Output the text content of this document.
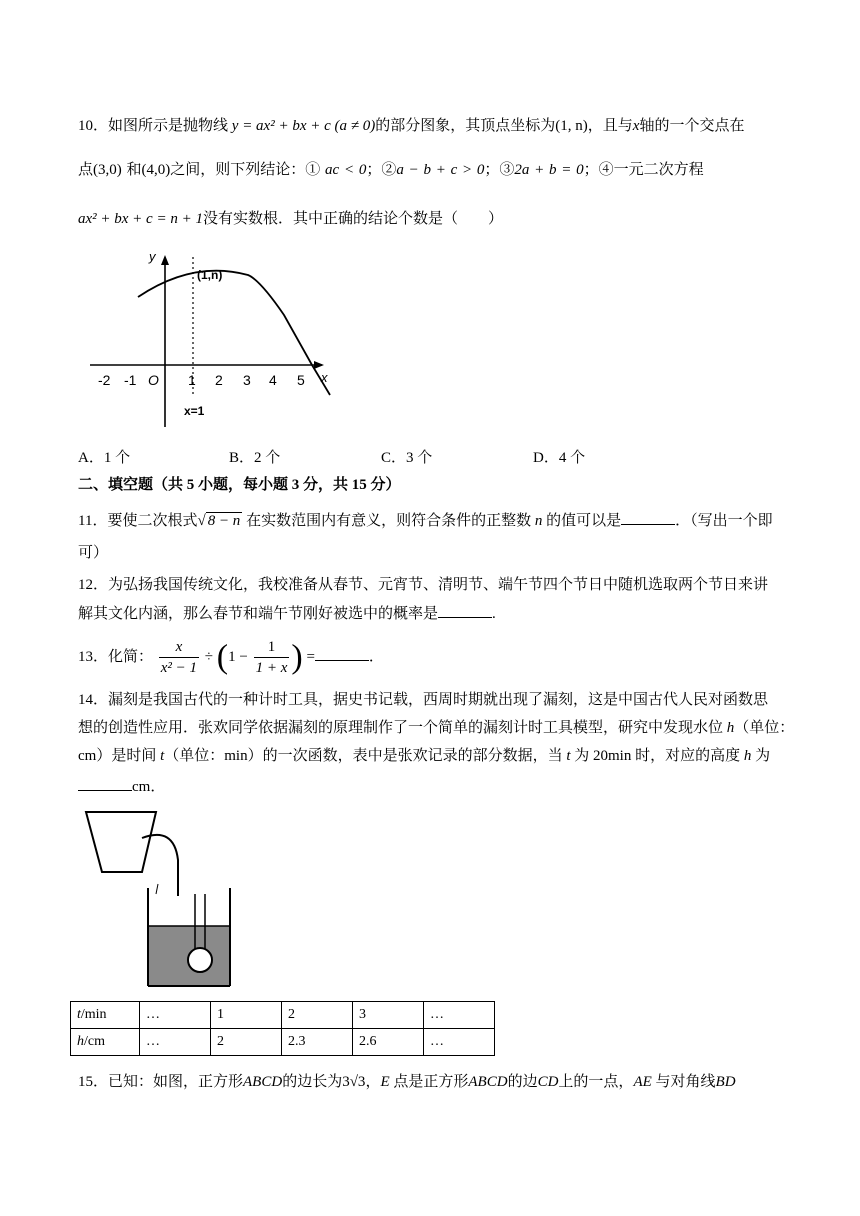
10．如图所示是抛物线 y = ax² + bx + c (a ≠ 0)的部分图象，其顶点坐标为(1, n)，且与x轴的一个交点在
点(3,0) 和(4,0)之间，则下列结论：① ac < 0；②a − b + c > 0；③2a + b = 0；④一元二次方程
ax² + bx + c = n + 1没有实数根．其中正确的结论个数是（　　）
y
x
O
-2 -1	1 2 3 4 5
(1,n)
x=1
A．1 个	B．2 个	C．3 个	D．4 个
二、填空题（共 5 小题，每小题 3 分，共 15 分）
11．要使二次根式√ 8 − n 在实数范围内有意义，则符合条件的正整数 n 的值可以是	．（写出一个即
可）
12．为弘扬我国传统文化，我校准备从春节、元宵节、清明节、端午节四个节日中随机选取两个节日来讲
解其文化内涵，那么春节和端午节刚好被选中的概率是	.
13．化简： $\frac{x}{\text{x² − 1}} \div (1 - \frac{1}{1 + x}$ ) =	．
14．漏刻是我国古代的一种计时工具，据史书记载，西周时期就出现了漏刻，这是中国古代人民对函数思
想的创造性应用．张欢同学依据漏刻的原理制作了一个简单的漏刻计时工具模型，研究中发现水位 h（单位：
cm）是时间 t（单位：min）的一次函数，表中是张欢记录的部分数据，当 t 为 20min 时，对应的高度 h 为
cm．
t/min	…	1	2	3	…
h/cm	…	2	2.3	2.6	…
15．已知：如图，正方形ABCD的边长为3√3，E 点是正方形ABCD的边CD上的一点，AE 与对角线BD
